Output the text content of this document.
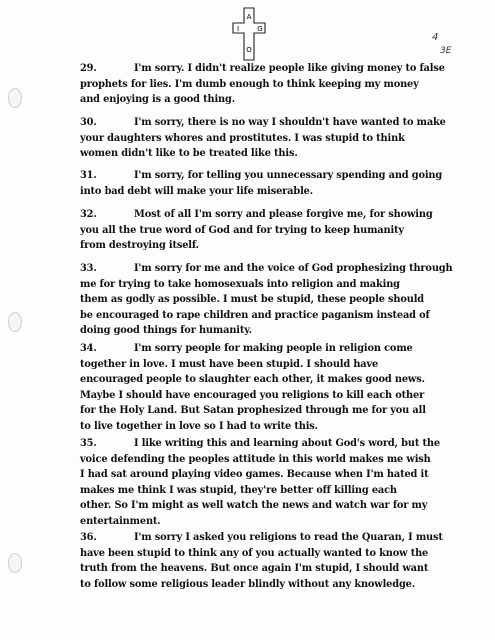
A
I	G
O
4
3E
29.	I'm sorry. I didn't realize people like giving money to false
prophets for lies. I'm dumb enough to think keeping my money
and enjoying is a good thing.
30.	I'm sorry, there is no way I shouldn't have wanted to make
your daughters whores and prostitutes. I was stupid to think
women didn't like to be treated like this.
31.	I'm sorry, for telling you unnecessary spending and going
into bad debt will make your life miserable.
32.	Most of all I'm sorry and please forgive me, for showing
you all the true word of God and for trying to keep humanity
from destroying itself.
33.	I'm sorry for me and the voice of God prophesizing through
me for trying to take homosexuals into religion and making
them as godly as possible. I must be stupid, these people should
be encouraged to rape children and practice paganism instead of
doing good things for humanity.
34.	I'm sorry people for making people in religion come
together in love. I must have been stupid. I should have
encouraged people to slaughter each other, it makes good news.
Maybe I should have encouraged you religions to kill each other
for the Holy Land. But Satan prophesized through me for you all
to live together in love so I had to write this.
35.	I like writing this and learning about God's word, but the
voice defending the peoples attitude in this world makes me wish
I had sat around playing video games. Because when I'm hated it
makes me think I was stupid, they're better off killing each
other. So I'm might as well watch the news and watch war for my
entertainment.
36.	I'm sorry I asked you religions to read the Quaran, I must
have been stupid to think any of you actually wanted to know the
truth from the heavens. But once again I'm stupid, I should want
to follow some religious leader blindly without any knowledge.
